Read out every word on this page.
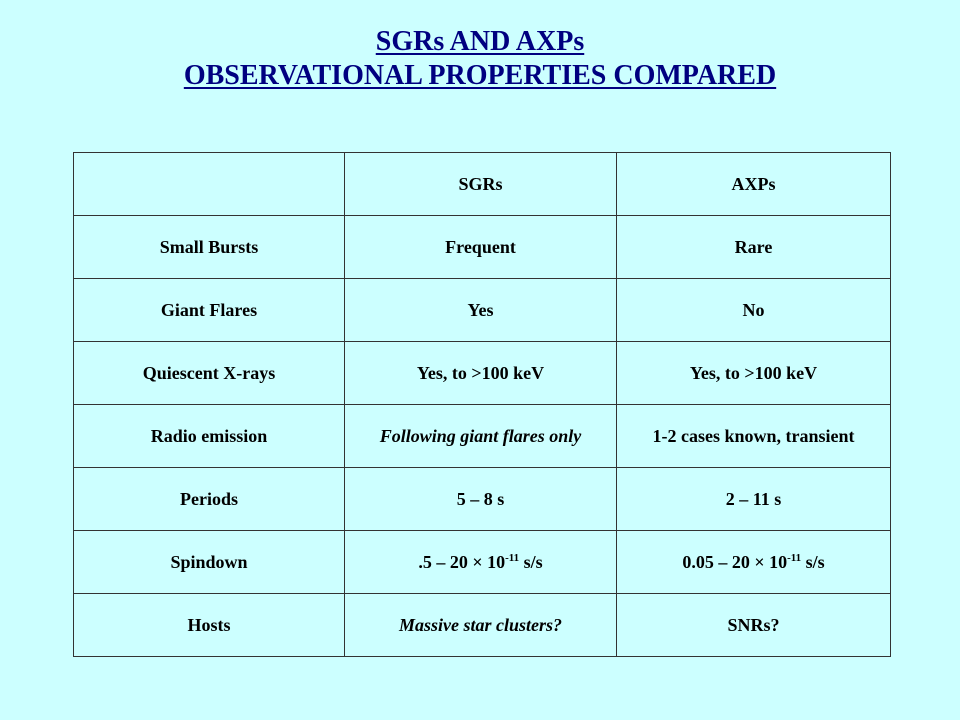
SGRs AND AXPs
OBSERVATIONAL PROPERTIES COMPARED
	SGRs	AXPs
Small Bursts	Frequent	Rare
Giant Flares	Yes	No
Quiescent X-rays	Yes, to >100 keV	Yes, to >100 keV
Radio emission	Following giant flares only	1-2 cases known, transient
Periods	5 – 8 s	2 – 11 s
Spindown	$.5 - 20 \times 10^{-11}$ s/s	$0.05 - 20 \times 10^{-11}$ s/s
Hosts	Massive star clusters?	SNRs?
